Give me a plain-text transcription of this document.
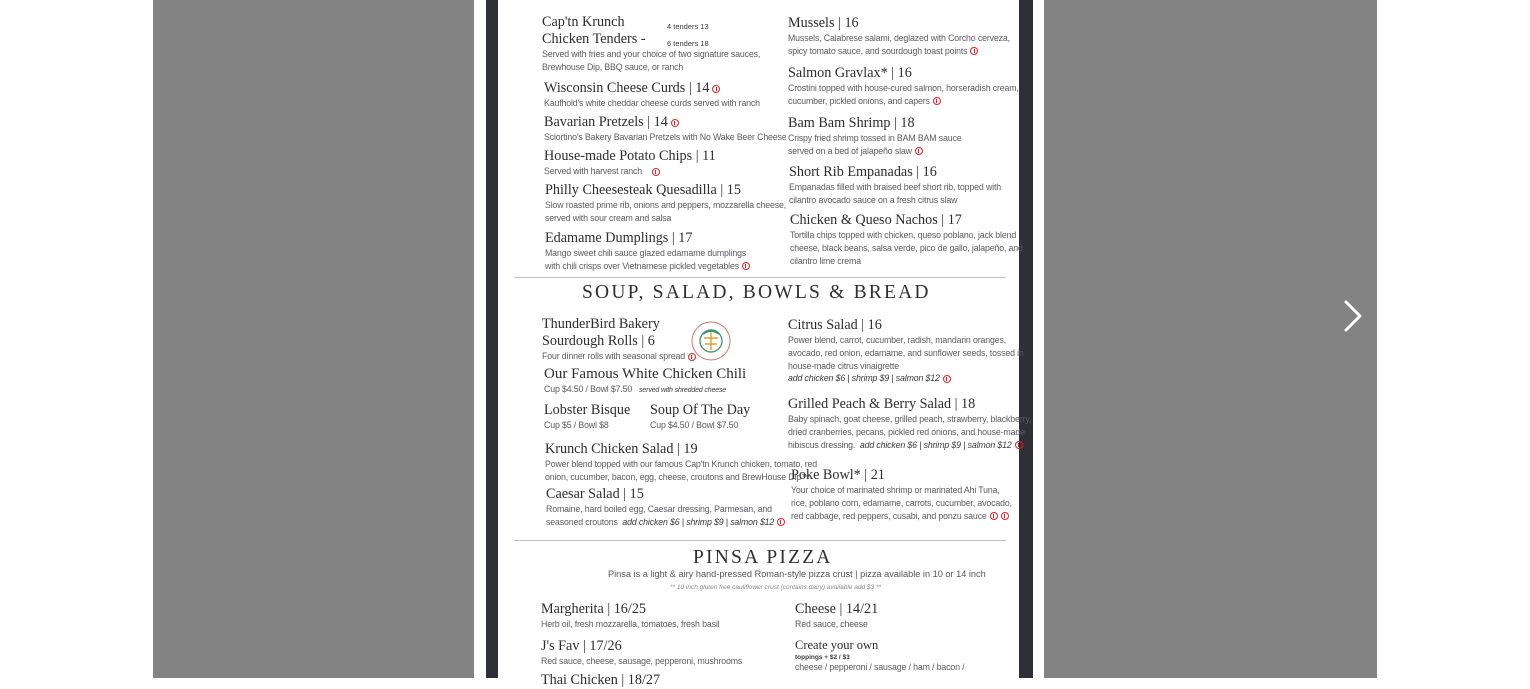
Cap'tn Krunch
Chicken Tenders -
4 tenders 13
6 tenders 18
Served with fries and your choice of two signature sauces,
Brewhouse Dip, BBQ sauce, or ranch
Wisconsin Cheese Curds | 14
Kaufhold's white cheddar cheese curds served with ranch
Bavarian Pretzels | 14
Sciortino's Bakery Bavarian Pretzels with No Wake Beer Cheese
House-made Potato Chips | 11
Served with harvest ranch
Philly Cheesesteak Quesadilla | 15
Slow roasted prime rib, onions and peppers, mozzarella cheese,
served with sour cream and salsa
Edamame Dumplings | 17
Mango sweet chili sauce glazed edamame dumplings
with chili crisps over Vietnamese pickled vegetables
Mussels | 16
Mussels, Calabrese salami, deglazed with Corcho cerveza,
spicy tomato sauce, and sourdough toast points
Salmon Gravlax* | 16
Crostini topped with house-cured salmon, horseradish cream,
cucumber, pickled onions, and capers
Bam Bam Shrimp | 18
Crispy fried shrimp tossed in BAM BAM sauce
served on a bed of jalapeño slaw
Short Rib Empanadas | 16
Empanadas filled with braised beef short rib, topped with
cilantro avocado sauce on a fresh citrus slaw
Chicken & Queso Nachos | 17
Tortilla chips topped with chicken, queso poblano, jack blend
cheese, black beans, salsa verde, pico de gallo, jalapeño, and
cilantro lime crema
SOUP, SALAD, BOWLS & BREAD
ThunderBird Bakery
Sourdough Rolls | 6
Four dinner rolls with seasonal spread
Our Famous White Chicken Chili
Cup $4.50 / Bowl $7.50 served with shredded cheese
Lobster Bisque
Cup $5 / Bowl $8
Soup Of The Day
Cup $4.50 / Bowl $7.50
Krunch Chicken Salad | 19
Power blend topped with our famous Cap'tn Krunch chicken, tomato, red
onion, cucumber, bacon, egg, cheese, croutons and BrewHouse Dip™
Caesar Salad | 15
Romaine, hard boiled egg, Caesar dressing, Parmesan, and
seasoned croutons add chicken $6 | shrimp $9 | salmon $12
Citrus Salad | 16
Power blend, carrot, cucumber, radish, mandarin oranges,
avocado, red onion, edamame, and sunflower seeds, tossed in
house-made citrus vinaigrette
add chicken $6 | shrimp $9 | salmon $12
Grilled Peach & Berry Salad | 18
Baby spinach, goat cheese, grilled peach, strawberry, blackberry,
dried cranberries, pecans, pickled red onions, and house-made
hibiscus dressing. add chicken $6 | shrimp $9 | salmon $12
Poke Bowl* | 21
Your choice of marinated shrimp or marinated Ahi Tuna,
rice, poblano corn, edamame, carrots, cucumber, avocado,
red cabbage, red peppers, cusabi, and ponzu sauce
PINSA PIZZA
Pinsa is a light & airy hand-pressed Roman-style pizza crust | pizza available in 10 or 14 inch
** 10 inch gluten free cauliflower crust (contains dairy) available add $3 **
Margherita | 16/25
Herb oil, fresh mozzarella, tomatoes, fresh basil
J's Fav | 17/26
Red sauce, cheese, sausage, pepperoni, mushrooms
Thai Chicken | 18/27
Cheese | 14/21
Red sauce, cheese
Create your own
toppings + $2 / $3
cheese / pepperoni / sausage / ham / bacon /
